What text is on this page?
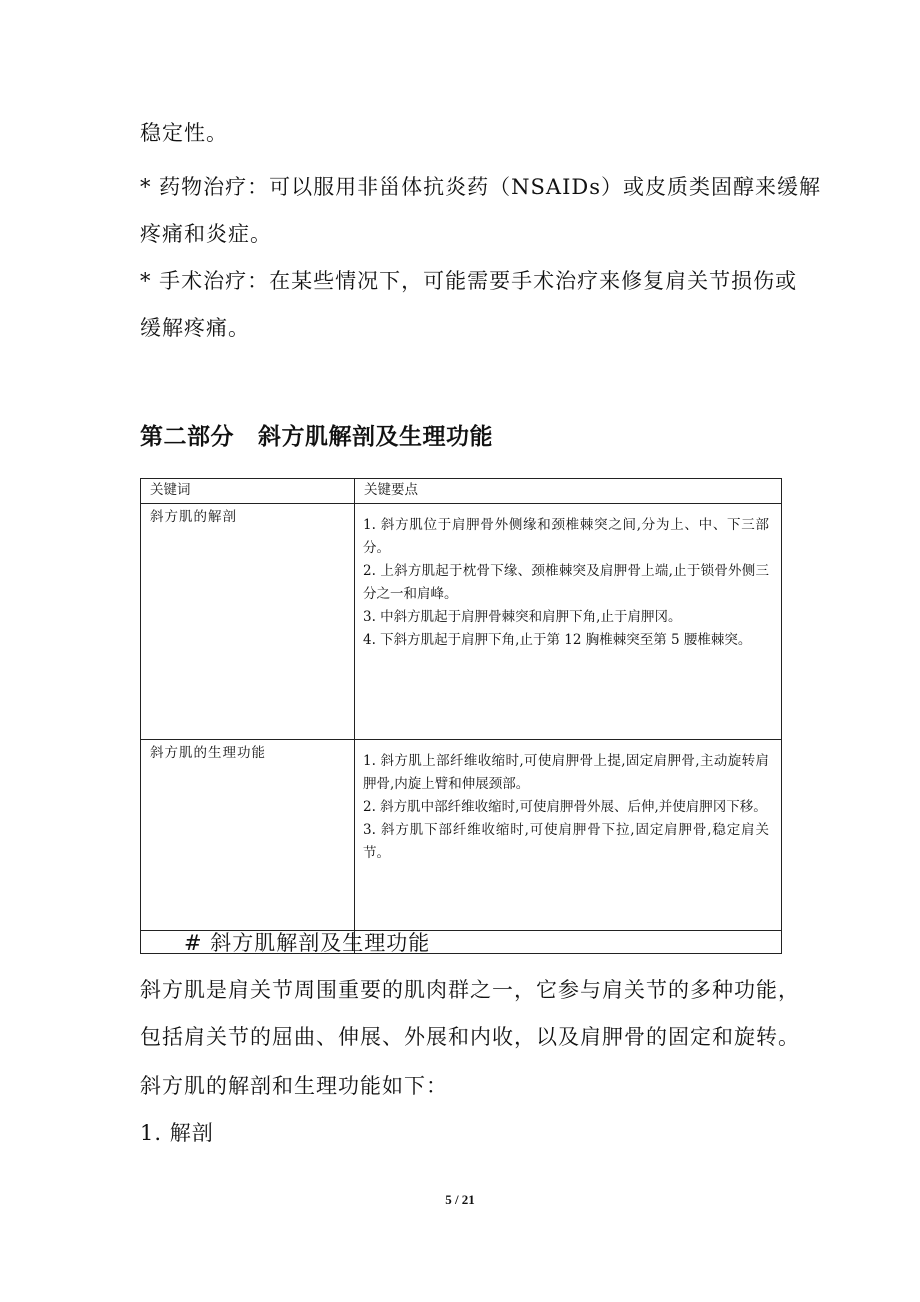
稳定性。
* 药物治疗：可以服用非甾体抗炎药（NSAIDs）或皮质类固醇来缓解
疼痛和炎症。
* 手术治疗：在某些情况下，可能需要手术治疗来修复肩关节损伤或
缓解疼痛。
第二部分 斜方肌解剖及生理功能
关键词	关键要点
斜方肌的解剖	1. 斜方肌位于肩胛骨外侧缘和颈椎棘突之间,分为上、中、下三部分。

2. 上斜方肌起于枕骨下缘、颈椎棘突及肩胛骨上端,止于锁骨外侧三分之一和肩峰。

3. 中斜方肌起于肩胛骨棘突和肩胛下角,止于肩胛冈。

4. 下斜方肌起于肩胛下角,止于第 12 胸椎棘突至第 5 腰椎棘突。

斜方肌的生理功能	1. 斜方肌上部纤维收缩时,可使肩胛骨上提,固定肩胛骨,主动旋转肩胛骨,内旋上臂和伸展颈部。

2. 斜方肌中部纤维收缩时,可使肩胛骨外展、后伸,并使肩胛冈下移。

3. 斜方肌下部纤维收缩时,可使肩胛骨下拉,固定肩胛骨,稳定肩关节。

# 斜方肌解剖及生理功能
斜方肌是肩关节周围重要的肌肉群之一，它参与肩关节的多种功能，
包括肩关节的屈曲、伸展、外展和内收，以及肩胛骨的固定和旋转。
斜方肌的解剖和生理功能如下：
1. 解剖
5 / 21
